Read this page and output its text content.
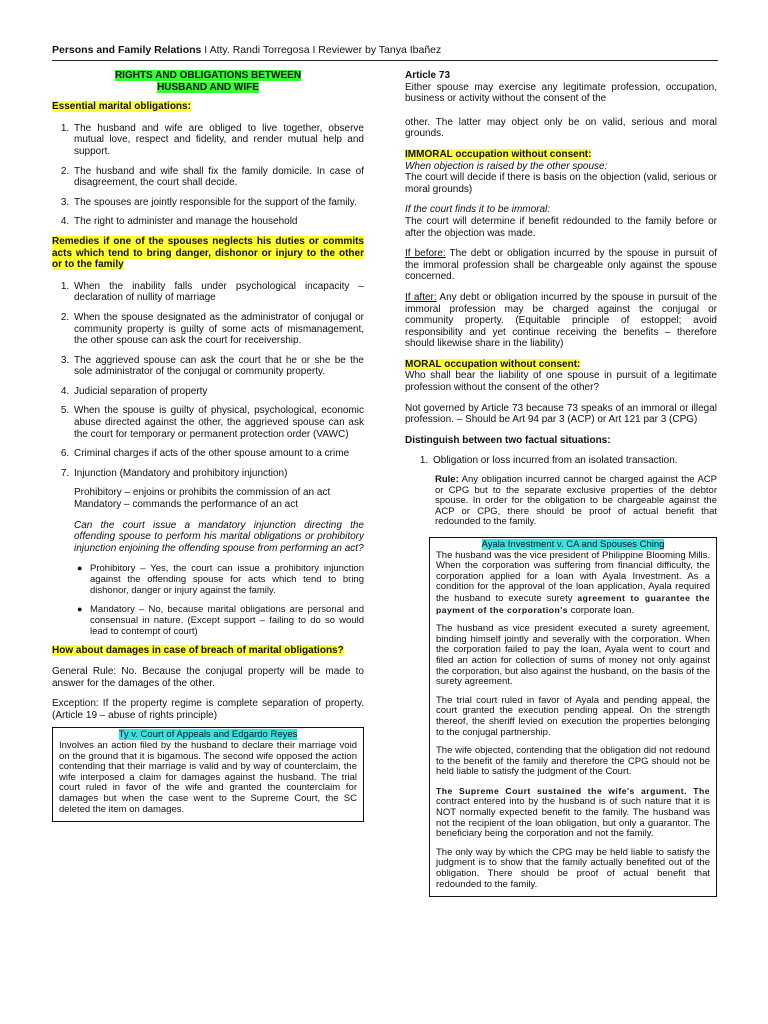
Persons and Family Relations I Atty. Randi Torregosa I Reviewer by Tanya Ibañez
RIGHTS AND OBLIGATIONS BETWEEN
HUSBAND AND WIFE
Essential marital obligations:
1. The husband and wife are obliged to live together, observe mutual love, respect and fidelity, and render mutual help and support.
2. The husband and wife shall fix the family domicile. In case of disagreement, the court shall decide.
3. The spouses are jointly responsible for the support of the family.
4. The right to administer and manage the household
Remedies if one of the spouses neglects his duties or commits acts which tend to bring danger, dishonor or injury to the other or to the family
1. When the inability falls under psychological incapacity – declaration of nullity of marriage
2. When the spouse designated as the administrator of conjugal or community property is guilty of some acts of mismanagement, the other spouse can ask the court for receivership.
3. The aggrieved spouse can ask the court that he or she be the sole administrator of the conjugal or community property.
4. Judicial separation of property
5. When the spouse is guilty of physical, psychological, economic abuse directed against the other, the aggrieved spouse can ask the court for temporary or permanent protection order (VAWC)
6. Criminal charges if acts of the other spouse amount to a crime
7. Injunction (Mandatory and prohibitory injunction)
Prohibitory – enjoins or prohibits the commission of an act
Mandatory – commands the performance of an act
Can the court issue a mandatory injunction directing the offending spouse to perform his marital obligations or prohibitory injunction enjoining the offending spouse from performing an act?
● Prohibitory – Yes, the court can issue a prohibitory injunction against the offending spouse for acts which tend to bring dishonor, danger or injury against the family.
● Mandatory – No, because marital obligations are personal and consensual in nature. (Except support – failing to do so would lead to contempt of court)
How about damages in case of breach of marital obligations?
General Rule: No. Because the conjugal property will be made to answer for the damages of the other.
Exception: If the property regime is complete separation of property. (Article 19 – abuse of rights principle)
Ty v. Court of Appeals and Edgardo Reyes
Involves an action filed by the husband to declare their marriage void on the ground that it is bigamous. The second wife opposed the action contending that their marriage is valid and by way of counterclaim, the wife interposed a claim for damages against the husband. The trial court ruled in favor of the wife and granted the counterclaim for damages but when the case went to the Supreme Court, the SC deleted the item on damages.
Article 73
Either spouse may exercise any legitimate profession, occupation, business or activity without the consent of the
other. The latter may object only be on valid, serious and moral grounds.
IMMORAL occupation without consent:
When objection is raised by the other spouse:
The court will decide if there is basis on the objection (valid, serious or moral grounds)
If the court finds it to be immoral:
The court will determine if benefit redounded to the family before or after the objection was made.
If before: The debt or obligation incurred by the spouse in pursuit of the immoral profession shall be chargeable only against the spouse concerned.
If after: Any debt or obligation incurred by the spouse in pursuit of the immoral profession may be charged against the conjugal or community property. (Equitable principle of estoppel; avoid responsibility and yet continue receiving the benefits – therefore should likewise share in the liability)
MORAL occupation without consent:
Who shall bear the liability of one spouse in pursuit of a legitimate profession without the consent of the other?
Not governed by Article 73 because 73 speaks of an immoral or illegal profession. – Should be Art 94 par 3 (ACP) or Art 121 par 3 (CPG)
Distinguish between two factual situations:
1. Obligation or loss incurred from an isolated transaction.
Rule: Any obligation incurred cannot be charged against the ACP or CPG but to the separate exclusive properties of the debtor spouse. In order for the obligation to be chargeable against the ACP or CPG, there should be proof of actual benefit that redounded to the family.
Ayala Investment v. CA and Spouses Ching
The husband was the vice president of Philippine Blooming Mills. When the corporation was suffering from financial difficulty, the corporation applied for a loan with Ayala Investment. As a condition for the approval of the loan application, Ayala required the husband to execute surety agreement to guarantee the payment of the corporation's corporate loan.
The husband as vice president executed a surety agreement, binding himself jointly and severally with the corporation. When the corporation failed to pay the loan, Ayala went to court and filed an action for collection of sums of money not only against the corporation, but also against the husband, on the basis of the surety agreement.
The trial court ruled in favor of Ayala and pending appeal, the court granted the execution pending appeal. On the strength thereof, the sheriff levied on execution the properties belonging to the conjugal partnership.
The wife objected, contending that the obligation did not redound to the benefit of the family and therefore the CPG should not be held liable to satisfy the judgment of the Court.
The Supreme Court sustained the wife's argument. The contract entered into by the husband is of such nature that it is NOT normally expected benefit to the family. The husband was not the recipient of the loan obligation, but only a guarantor. The beneficiary being the corporation and not the family.
The only way by which the CPG may be held liable to satisfy the judgment is to show that the family actually benefited out of the obligation. There should be proof of actual benefit that redounded to the family.
